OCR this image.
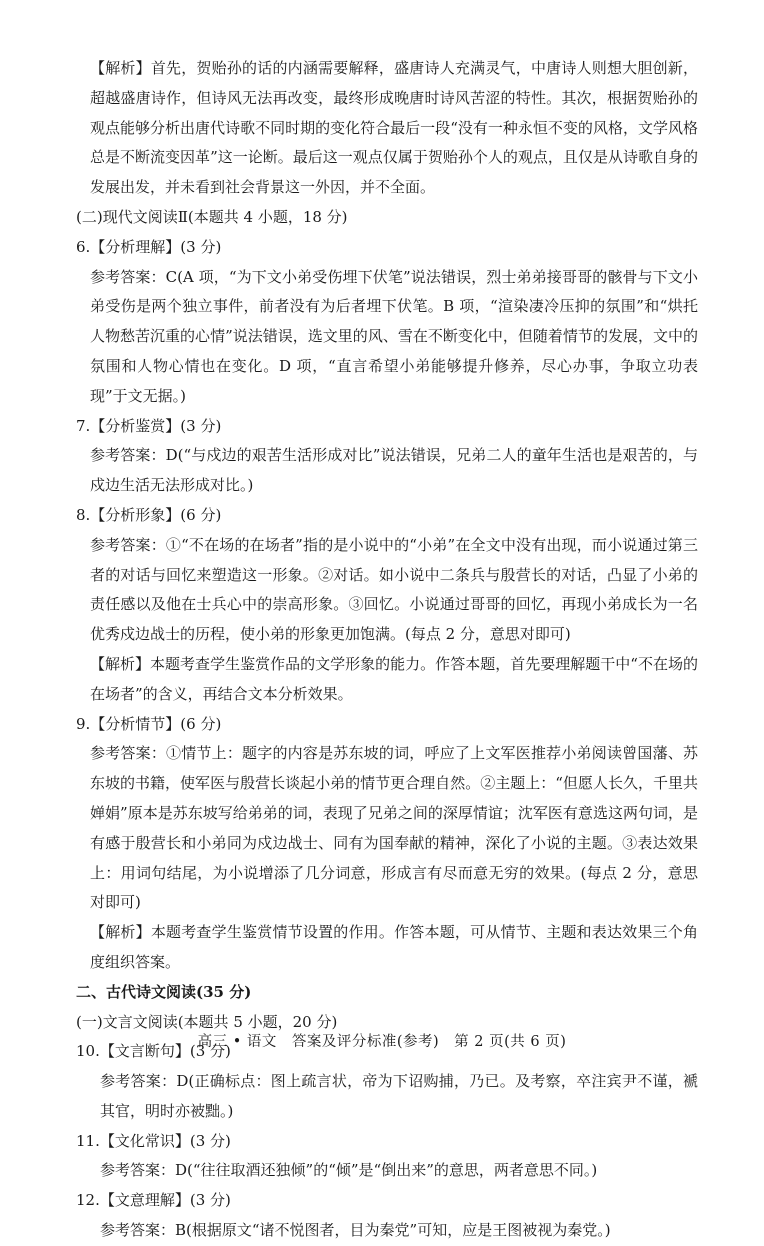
【解析】首先，贺贻孙的话的内涵需要解释，盛唐诗人充满灵气，中唐诗人则想大胆创新，超越盛唐诗作，但诗风无法再改变，最终形成晚唐时诗风苦涩的特性。其次，根据贺贻孙的观点能够分析出唐代诗歌不同时期的变化符合最后一段“没有一种永恒不变的风格，文学风格总是不断流变因革”这一论断。最后这一观点仅属于贺贻孙个人的观点，且仅是从诗歌自身的发展出发，并未看到社会背景这一外因，并不全面。

(二)现代文阅读Ⅱ(本题共 4 小题，18 分)

6.【分析理解】(3 分)

参考答案：C(A 项，“为下文小弟受伤埋下伏笔”说法错误，烈士弟弟接哥哥的骸骨与下文小弟受伤是两个独立事件，前者没有为后者埋下伏笔。B 项，“渲染凄冷压抑的氛围”和“烘托人物愁苦沉重的心情”说法错误，选文里的风、雪在不断变化中，但随着情节的发展，文中的氛围和人物心情也在变化。D 项，“直言希望小弟能够提升修养，尽心办事，争取立功表现”于文无据。)

7.【分析鉴赏】(3 分)

参考答案：D(“与戍边的艰苦生活形成对比”说法错误，兄弟二人的童年生活也是艰苦的，与戍边生活无法形成对比。)

8.【分析形象】(6 分)

参考答案：①“不在场的在场者”指的是小说中的“小弟”在全文中没有出现，而小说通过第三者的对话与回忆来塑造这一形象。②对话。如小说中二条兵与殷营长的对话，凸显了小弟的责任感以及他在士兵心中的崇高形象。③回忆。小说通过哥哥的回忆，再现小弟成长为一名优秀戍边战士的历程，使小弟的形象更加饱满。(每点 2 分，意思对即可)

【解析】本题考查学生鉴赏作品的文学形象的能力。作答本题，首先要理解题干中“不在场的在场者”的含义，再结合文本分析效果。

9.【分析情节】(6 分)

参考答案：①情节上：题字的内容是苏东坡的词，呼应了上文军医推荐小弟阅读曾国藩、苏东坡的书籍，使军医与殷营长谈起小弟的情节更合理自然。②主题上：“但愿人长久，千里共婵娟”原本是苏东坡写给弟弟的词，表现了兄弟之间的深厚情谊；沈军医有意选这两句词，是有感于殷营长和小弟同为戍边战士、同有为国奉献的精神，深化了小说的主题。③表达效果上：用词句结尾，为小说增添了几分词意，形成言有尽而意无穷的效果。(每点 2 分，意思对即可)

【解析】本题考查学生鉴赏情节设置的作用。作答本题，可从情节、主题和表达效果三个角度组织答案。

二、古代诗文阅读(35 分)

(一)文言文阅读(本题共 5 小题，20 分)

10.【文言断句】(3 分)

参考答案：D(正确标点：图上疏言状，帝为下诏购捕，乃已。及考察，卒注宾尹不谨，褫其官，明时亦被黜。)

11.【文化常识】(3 分)

参考答案：D(“往往取酒还独倾”的“倾”是“倒出来”的意思，两者意思不同。)

12.【文意理解】(3 分)

参考答案：B(根据原文“诸不悦图者，目为秦党”可知，应是王图被视为秦党。)

高三 • 语文　答案及评分标准(参考)　第 2 页(共 6 页)
